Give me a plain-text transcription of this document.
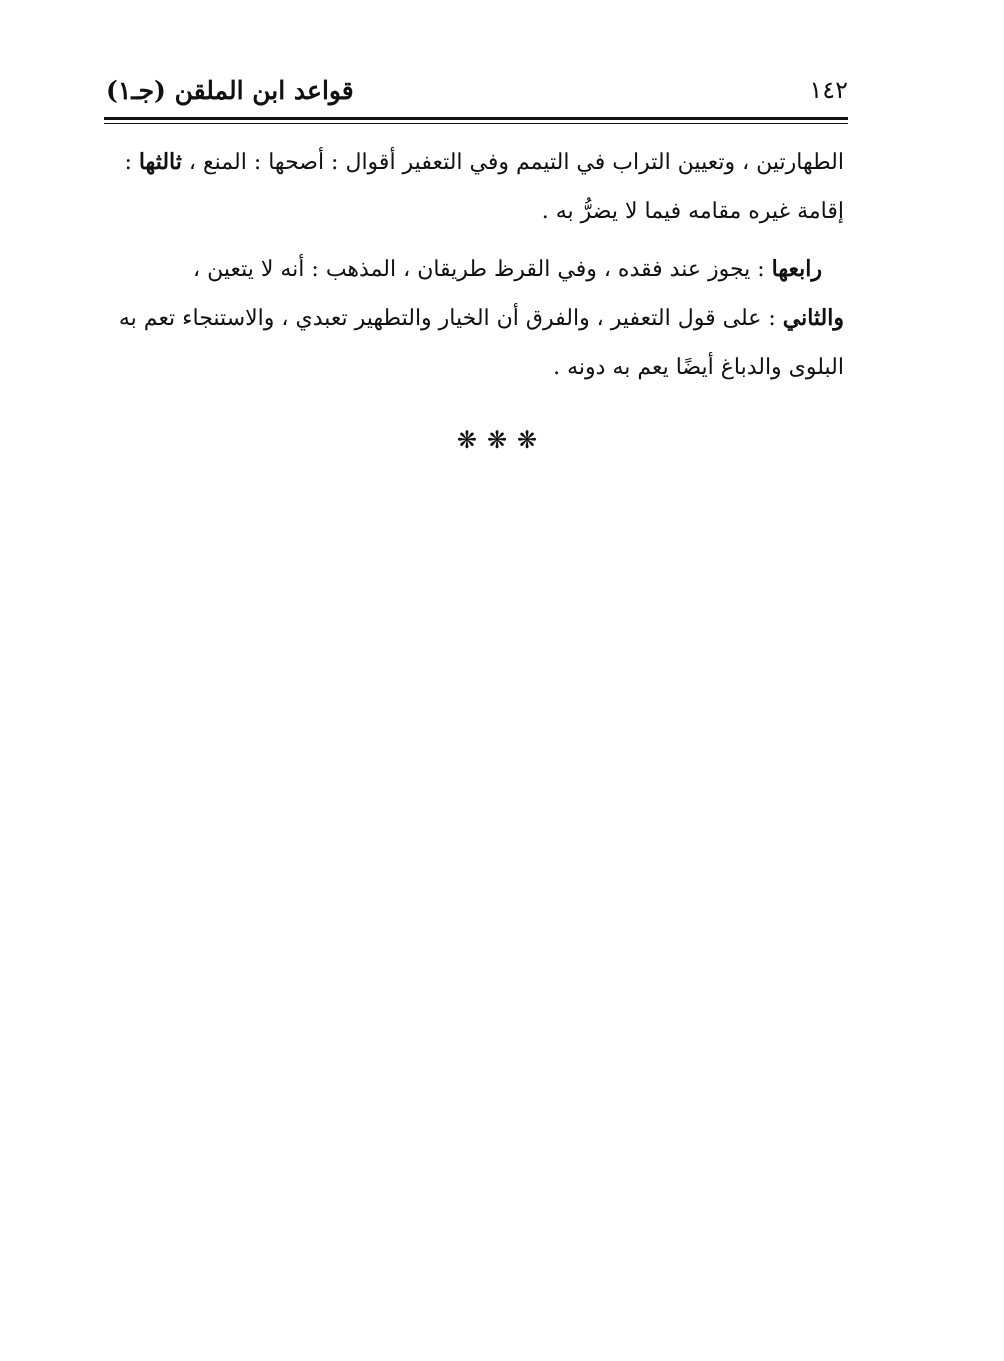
١٤٢
قواعد ابن الملقن (جـ١)

الطهارتين ، وتعيين التراب في التيمم وفي التعفير أقوال : أصحها : المنع ، ثالثها :
إقامة غيره مقامه فيما لا يضرُّ به .

رابعها : يجوز عند فقده ، وفي القرظ طريقان ، المذهب : أنه لا يتعين ،
والثاني : على قول التعفير ، والفرق أن الخيار والتطهير تعبدي ، والاستنجاء تعم به
البلوى والدباغ أيضًا يعم به دونه .

❋❋❋
